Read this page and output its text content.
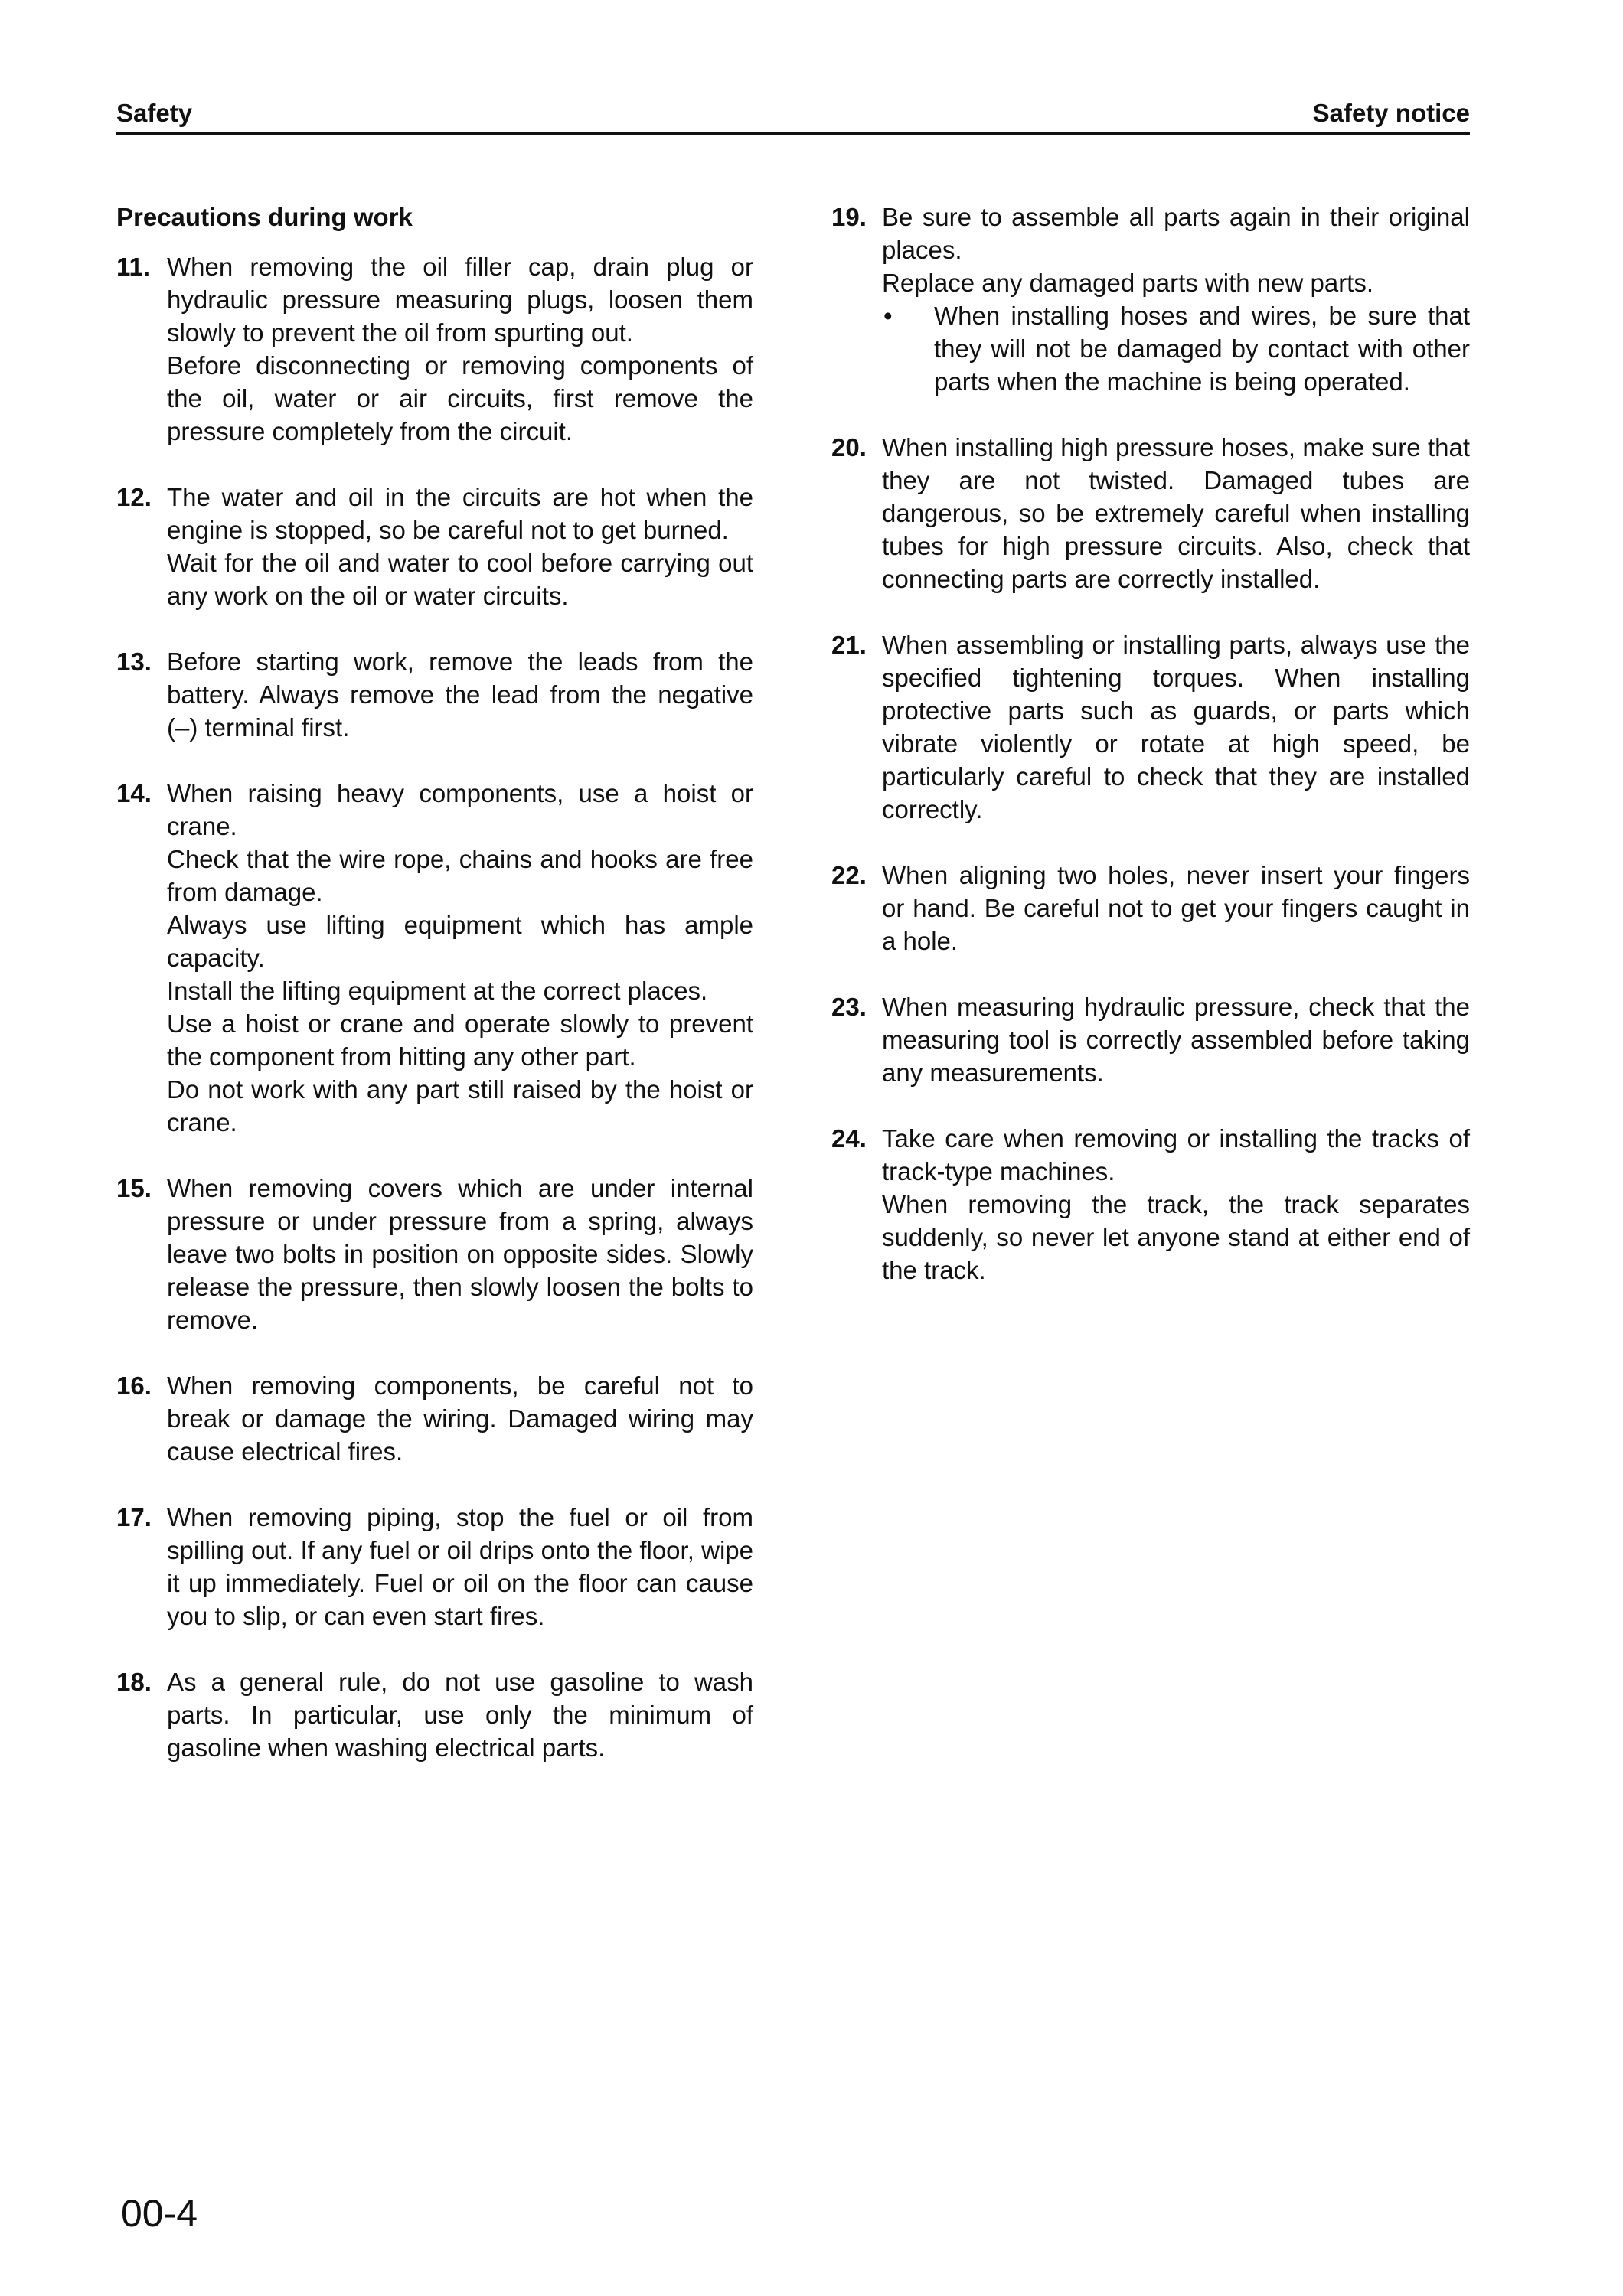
Safety	Safety notice
Precautions during work
11. When removing the oil filler cap, drain plug or hydraulic pressure measuring plugs, loosen them slowly to prevent the oil from spurting out.

Before disconnecting or removing components of the oil, water or air circuits, first remove the pressure completely from the circuit.

12. The water and oil in the circuits are hot when the engine is stopped, so be careful not to get burned.

Wait for the oil and water to cool before carrying out any work on the oil or water circuits.

13. Before starting work, remove the leads from the battery. Always remove the lead from the negative (–) terminal first.

14. When raising heavy components, use a hoist or crane.

Check that the wire rope, chains and hooks are free from damage.

Always use lifting equipment which has ample capacity.

Install the lifting equipment at the correct places.

Use a hoist or crane and operate slowly to prevent the component from hitting any other part.

Do not work with any part still raised by the hoist or crane.

15. When removing covers which are under internal pressure or under pressure from a spring, always leave two bolts in position on opposite sides. Slowly release the pressure, then slowly loosen the bolts to remove.

16. When removing components, be careful not to break or damage the wiring. Damaged wiring may cause electrical fires.

17. When removing piping, stop the fuel or oil from spilling out. If any fuel or oil drips onto the floor, wipe it up immediately. Fuel or oil on the floor can cause you to slip, or can even start fires.

18. As a general rule, do not use gasoline to wash parts. In particular, use only the minimum of gasoline when washing electrical parts.

19. Be sure to assemble all parts again in their original places.

Replace any damaged parts with new parts.

•	When installing hoses and wires, be sure that they will not be damaged by contact with other parts when the machine is being operated.
20. When installing high pressure hoses, make sure that they are not twisted. Damaged tubes are dangerous, so be extremely careful when installing tubes for high pressure circuits. Also, check that connecting parts are correctly installed.

21. When assembling or installing parts, always use the specified tightening torques. When installing protective parts such as guards, or parts which vibrate violently or rotate at high speed, be particularly careful to check that they are installed correctly.

22. When aligning two holes, never insert your fingers or hand. Be careful not to get your fingers caught in a hole.

23. When measuring hydraulic pressure, check that the measuring tool is correctly assembled before taking any measurements.

24. Take care when removing or installing the tracks of track-type machines.

When removing the track, the track separates suddenly, so never let anyone stand at either end of the track.

00-4
